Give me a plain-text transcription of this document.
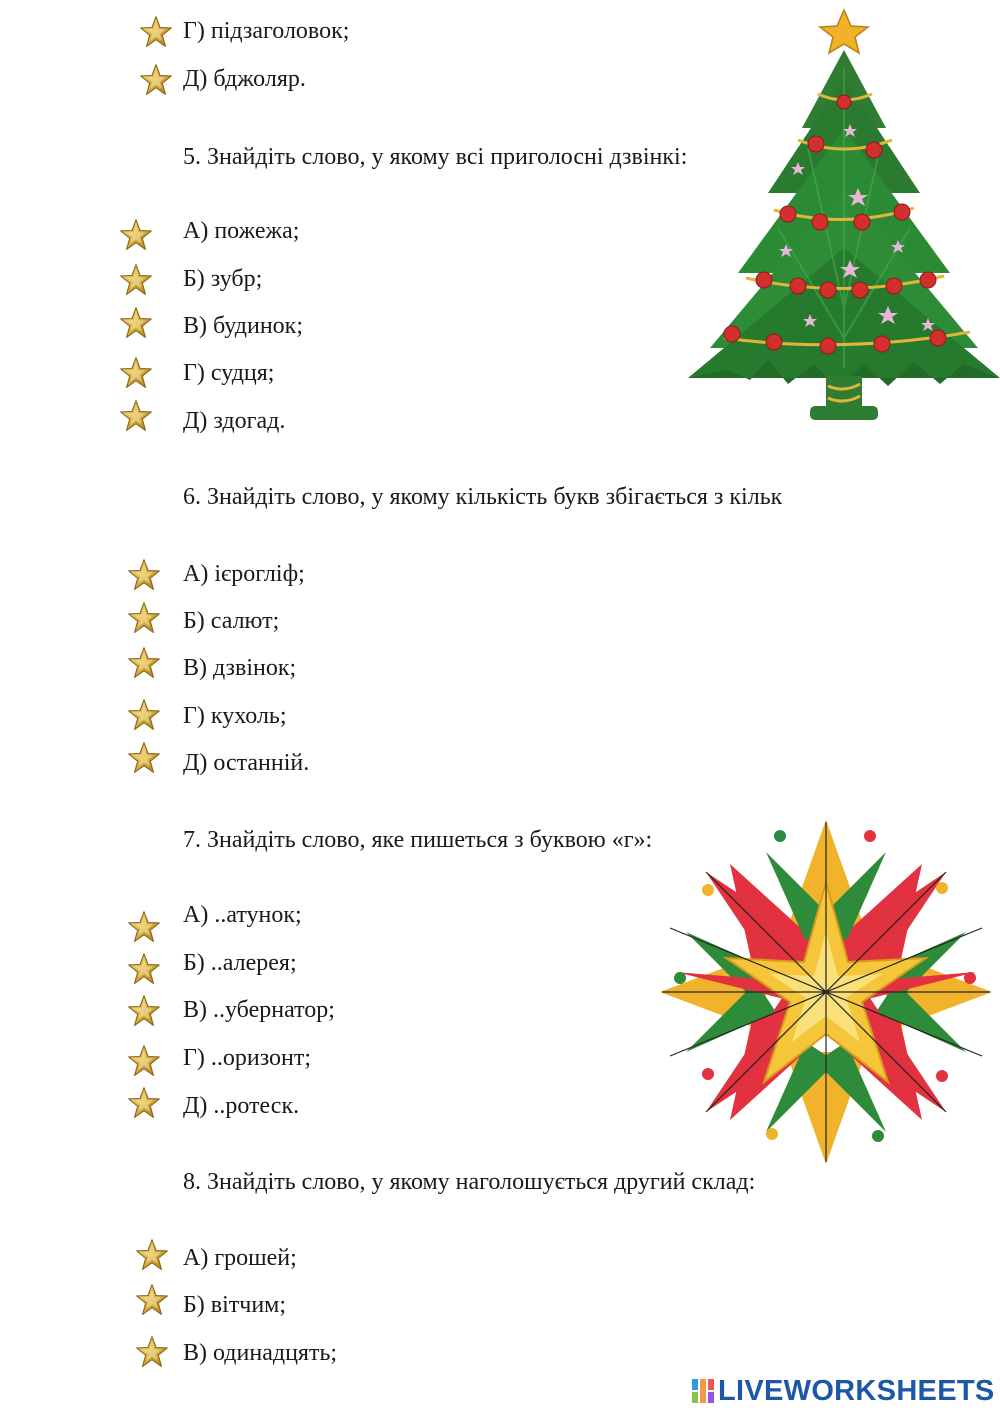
Г) підзаголовок;
Д) бджоляр.
5. Знайдіть слово, у якому всі приголосні дзвінкі:
А) пожежа;
Б) зубр;
В) будинок;
Г) судця;
Д) здогад.
6. Знайдіть слово, у якому кількість букв збігається з кільк
А) ієрогліф;
Б) салют;
В) дзвінок;
Г) кухоль;
Д) останній.
7. Знайдіть слово, яке пишеться з буквою «г»:
А) ..атунок;
Б) ..алерея;
В) ..убернатор;
Г) ..оризонт;
Д) ..ротеск.
8. Знайдіть слово, у якому наголошується другий склад:
А) грошей;
Б) вітчим;
В) одинадцять;
LIVEWORKSHEETS
